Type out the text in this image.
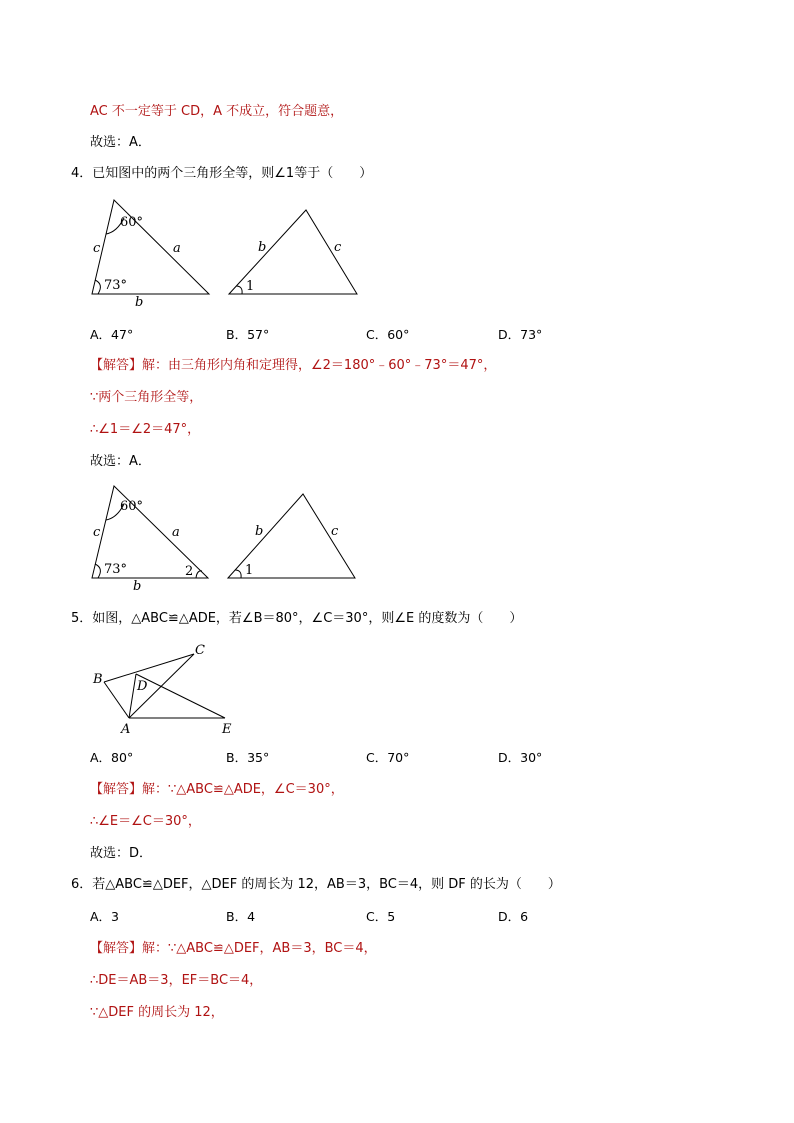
AC 不一定等于 CD，A 不成立，符合题意，
故选：A．
4．已知图中的两个三角形全等，则∠1等于（　　）
60°
c	a
73°
b
b	c
1
A．47°	B．57°	C．60°	D．73°
【解答】解：由三角形内角和定理得，∠2＝180°﹣60°﹣73°＝47°，
∵两个三角形全等，
∴∠1＝∠2＝47°，
故选：A．
60°
c	a
73°	2
b
b	c
1
5．如图，△ABC≌△ADE，若∠B＝80°，∠C＝30°，则∠E 的度数为（　　）
B
C
D
A	E
A．80°	B．35°	C．70°	D．30°
【解答】解：∵△ABC≌△ADE，∠C＝30°，
∴∠E＝∠C＝30°，
故选：D．
6．若△ABC≌△DEF，△DEF 的周长为 12，AB＝3，BC＝4，则 DF 的长为（　　）
A．3	B．4	C．5	D．6
【解答】解：∵△ABC≌△DEF，AB＝3，BC＝4，
∴DE＝AB＝3，EF＝BC＝4，
∵△DEF 的周长为 12，
